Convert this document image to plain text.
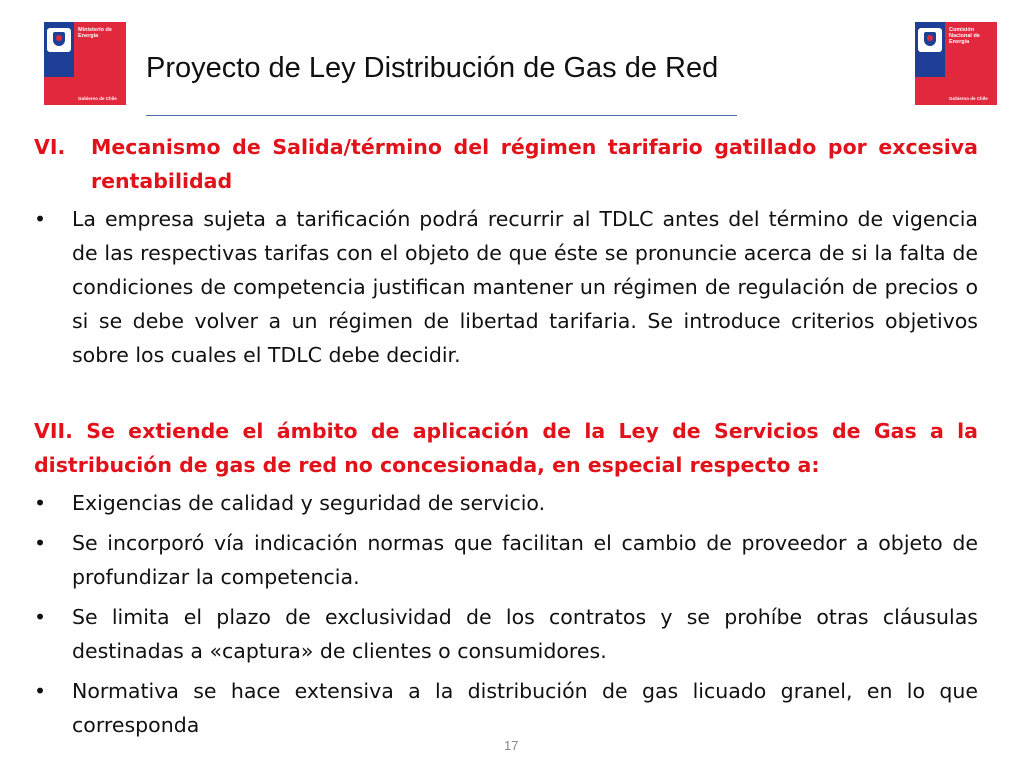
Ministerio de
Energía
Gobierno de Chile
Proyecto de Ley Distribución de Gas de Red
Comisión
Nacional de
Energía
Gobierno de Chile
VI.	Mecanismo de Salida/término del régimen tarifario gatillado por excesiva rentabilidad
• La empresa sujeta a tarificación podrá recurrir al TDLC antes del término de vigencia de las respectivas tarifas con el objeto de que éste se pronuncie acerca de si la falta de condiciones de competencia justifican mantener un régimen de regulación de precios o si se debe volver a un régimen de libertad tarifaria. Se introduce criterios objetivos sobre los cuales el TDLC debe decidir.

VII. Se extiende el ámbito de aplicación de la Ley de Servicios de Gas a la distribución de gas de red no concesionada, en especial respecto a:

• Exigencias de calidad y seguridad de servicio.
• Se incorporó vía indicación normas que facilitan el cambio de proveedor a objeto de profundizar la competencia.
• Se limita el plazo de exclusividad de los contratos y se prohíbe otras cláusulas destinadas a «captura» de clientes o consumidores.
• Normativa se hace extensiva a la distribución de gas licuado granel, en lo que corresponda
17
